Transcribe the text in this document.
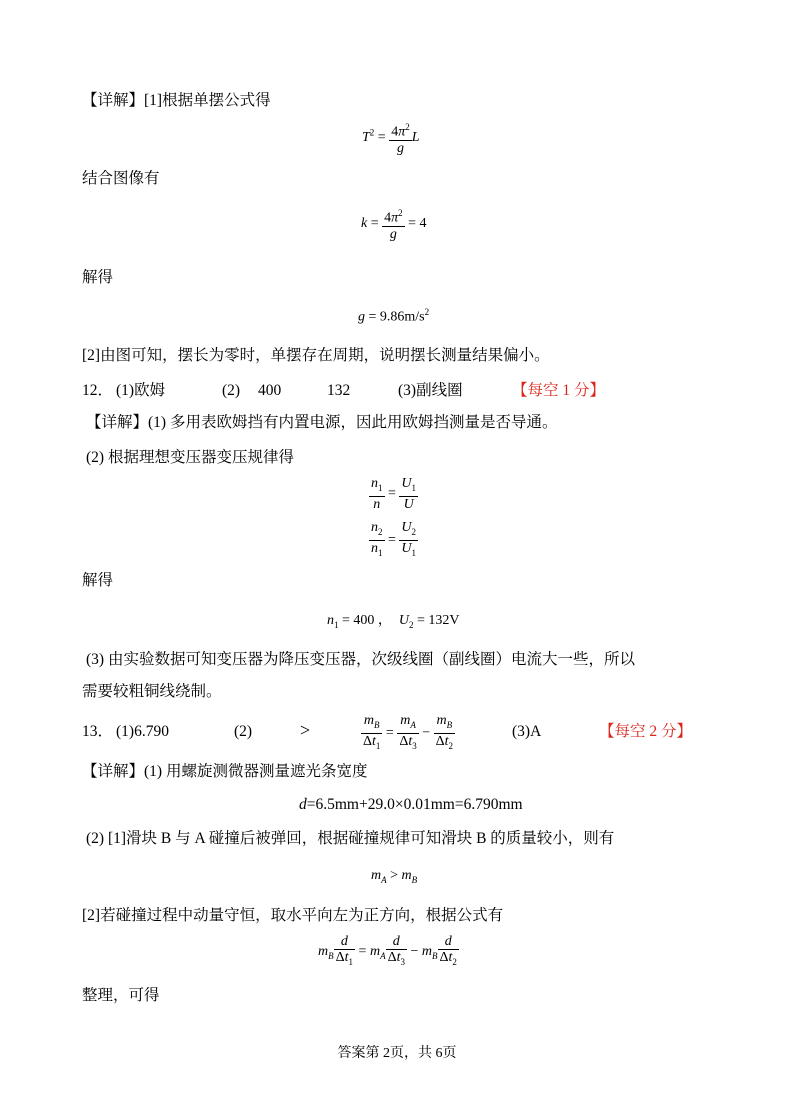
【详解】[1]根据单摆公式得
$T^2 = \frac{4\pi^2}{g}$ L
结合图像有
$k = \frac{4\pi^2}{g} = 4$
解得
$g = 9.86m/s^2$
[2]由图可知，摆长为零时，单摆存在周期，说明摆长测量结果偏小。
12． (1)欧姆	(2) 400	132	(3)副线圈	【每空 1 分】
【详解】(1) 多用表欧姆挡有内置电源，因此用欧姆挡测量是否导通。
(2) 根据理想变压器变压规律得
$\frac{n_1}{n} = \frac{U_1}{U}$
$\frac{n_2}{n_1} = \frac{U_2}{U_1}$
解得
$n_1 = 400$ ，  $U_2 = 132V$
(3) 由实验数据可知变压器为降压变压器，次级线圈（副线圈）电流大一些，所以
需要较粗铜线绕制。
13． (1)6.790	(2)	>	$\frac{m_B}{\Delta t_1} = \frac{m_A}{\Delta t_3} - \frac{m_B}{\Delta t_2}$	(3)A	【每空 2 分】
【详解】(1) 用螺旋测微器测量遮光条宽度
d=6.5mm+29.0×0.01mm=6.790mm
(2) [1]滑块 B 与 A 碰撞后被弹回，根据碰撞规律可知滑块 B 的质量较小，则有
$m_A > m_B$
[2]若碰撞过程中动量守恒，取水平向左为正方向，根据公式有
$m_B \frac{d}{\Delta t_1} = m_A \frac{d}{\Delta t_3} - m_B \frac{d}{\Delta t_2}$
整理，可得
答案第 2页，共 6页
